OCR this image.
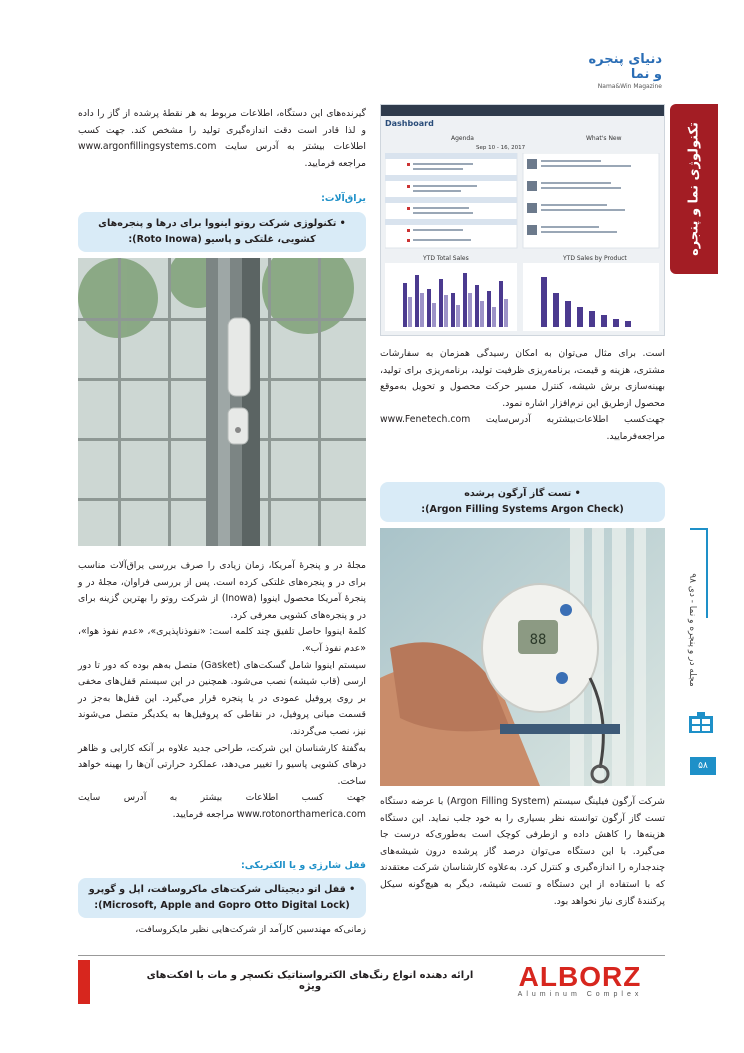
دنیای پنجره و نما
Nama&Win Magazine
تکنولوژی نما و پنجره
مجله در و پنجره و نما - دی ۹۸
۵۸
Dashboard
Agenda	What's New
Sep 10 - 16, 2017
YTD Total Sales	YTD Sales by Product

است. برای مثال می‌توان به امکان رسیدگی همزمان به سفارشات مشتری، هزینه و قیمت، برنامه‌ریزی ظرفیت تولید، برنامه‌ریزی برای تولید، بهینه‌سازی برش شیشه، کنترل مسیر حرکت محصول و تحویل به‌موقع محصول ازطریق این نرم‌افزار اشاره نمود.

جهت‌کسب اطلاعات‌بیشتربه آدرس‌سایت www.Fenetech.com مراجعه‌فرمایید.

• تست گاز آرگون پرشده
(Argon Filling Systems Argon Check):
88

شرکت آرگون فیلینگ سیستم (Argon Filling System) با عرضه دستگاه تست گاز آرگون توانسته نظر بسیاری را به خود جلب نماید. این دستگاه هزینه‌ها را کاهش داده و ازطرفی کوچک است به‌طوری‌که درست جا می‌گیرد. با این دستگاه می‌توان درصد گاز پرشده درون شیشه‌های چندجداره را اندازه‌گیری و کنترل کرد. به‌علاوه کارشناسان شرکت معتقدند که با استفاده از این دستگاه و تست شیشه، دیگر به هیچ‌گونه سیکل پرکنندهٔ گازی نیاز نخواهد بود.

گیرنده‌های این دستگاه، اطلاعات مربوط به هر نقطهٔ پرشده از گاز را داده و لذا قادر است دقت اندازه‌گیری تولید را مشخص کند. جهت کسب اطلاعات بیشتر به آدرس سایت www.argonfillingsystems.com مراجعه فرمایید.

یراق‌آلات:
• تکنولوژی شرکت روتو اینووا برای درها و پنجره‌های
کشویی، غلتکی و پاسیو (Roto Inowa):

مجلهٔ در و پنجرهٔ آمریکا، زمان زیادی را صرف بررسی یراق‌آلات مناسب برای در و پنجره‌های غلتکی کرده است. پس از بررسی فراوان، مجلهٔ در و پنجرهٔ آمریکا محصول اینووا (Inowa) از شرکت روتو را بهترین گزینه برای در و پنجره‌های کشویی معرفی کرد.

کلمهٔ اینووا حاصل تلفیق چند کلمه است: «نفوذناپذیری»، «عدم نفوذ هوا»، «عدم نفوذ آب».

سیستم اینووا شامل گسکت‌های (Gasket) متصل به‌هم بوده که دور تا دور ارسی (قاب شیشه) نصب می‌شود. همچنین در این سیستم قفل‌های مخفی بر روی پروفیل عمودی در یا پنجره قرار می‌گیرد. این قفل‌ها به‌جز در قسمت میانی پروفیل، در نقاطی که پروفیل‌ها به یکدیگر متصل می‌شوند نیز، نصب می‌گردند.

به‌گفتهٔ کارشناسان این شرکت، طراحی جدید علاوه بر آنکه کارایی و ظاهر درهای کشویی پاسیو را تغییر می‌دهد، عملکرد حرارتی آن‌ها را بهینه خواهد ساخت.

جهت کسب اطلاعات بیشتر به آدرس سایت www.rotonorthamerica.com مراجعه فرمایید.

قفل شارژی و یا الکتریکی:
• قفل اتو دیجیتالی شرکت‌های ماکروسافت، اپل و گوپرو
(Microsoft, Apple and Gopro Otto Digital Lock):

زمانی‌که مهندسین کارآمد از شرکت‌هایی نظیر مایکروسافت،

ارائه دهنده انواع رنگ‌های الکترواستاتیک تکسچر و مات با افکت‌های ویژه	ALBORZ
Aluminum Complex
